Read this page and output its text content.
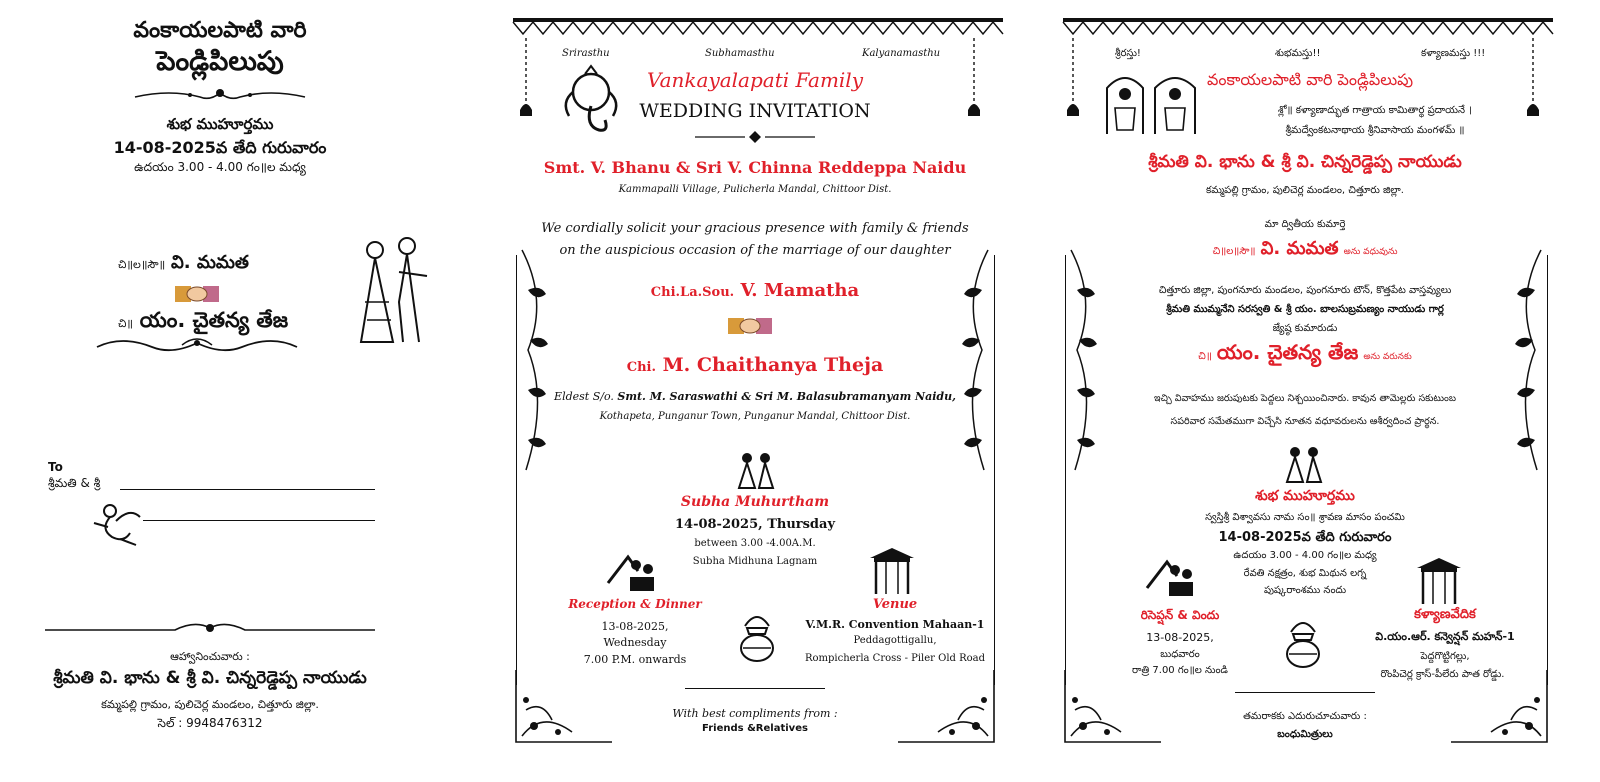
వంకాయలపాటి వారి
పెండ్లిపిలుపు
శుభ ముహూర్తము
14-08-2025వ తేది గురువారం
ఉదయం 3.00 - 4.00 గం॥ల మధ్య
చి॥ల॥సౌ॥ వి. మమత
చి॥ యం. చైతన్య తేజ
To
శ్రీమతి & శ్రీ
ఆహ్వానించువారు :
శ్రీమతి వి. భాను & శ్రీ వి. చిన్నరెడ్డెప్ప నాయుడు
కమ్మపల్లి గ్రామం, పులిచెర్ల మండలం, చిత్తూరు జిల్లా.
సెల్ : 9948476312
Srirasthu	Subhamasthu	Kalyanamasthu
Vankayalapati Family
WEDDING INVITATION
Smt. V. Bhanu & Sri V. Chinna Reddeppa Naidu
Kammapalli Village, Pulicherla Mandal, Chittoor Dist.
We cordially solicit your gracious presence with family & friends
on the auspicious occasion of the marriage of our daughter
Chi.La.Sou. V. Mamatha
Chi. M. Chaithanya Theja
Eldest S/o. Smt. M. Saraswathi & Sri M. Balasubramanyam Naidu,
Kothapeta, Punganur Town, Punganur Mandal, Chittoor Dist.
Subha Muhurtham
14-08-2025, Thursday
between 3.00 -4.00A.M.
Subha Midhuna Lagnam
Reception & Dinner
13-08-2025,
Wednesday
7.00 P.M. onwards
Venue
V.M.R. Convention Mahaan-1
Peddagottigallu,
Rompicherla Cross - Piler Old Road
With best compliments from :
Friends &Relatives
శ్రీరస్తు!	శుభమస్తు!!	కళ్యాణమస్తు !!!
వంకాయలపాటి వారి పెండ్లిపిలుపు
శ్లో॥ కళ్యాణాద్భుత గాత్రాయ కామితార్థ ప్రదాయనే ।
శ్రీమద్వేంకటనాథాయ శ్రీనివాసాయ మంగళమ్ ॥
శ్రీమతి వి. భాను & శ్రీ వి. చిన్నరెడ్డెప్ప నాయుడు
కమ్మపల్లి గ్రామం, పులిచెర్ల మండలం, చిత్తూరు జిల్లా.
మా ద్వితీయ కుమార్తె
చి॥ల॥సౌ॥ వి. మమత అను వధువును
చిత్తూరు జిల్లా, పుంగనూరు మండలం, పుంగనూరు టౌన్, కొత్తపేట వాస్తవ్యులు
శ్రీమతి ముమ్మనేని సరస్వతి & శ్రీ యం. బాలసుబ్రమణ్యం నాయుడు గార్ల
జ్యేష్ఠ కుమారుడు
చి॥ యం. చైతన్య తేజ అను వరునకు
ఇచ్చి వివాహము జరుపుటకు పెద్దలు నిశ్చయించినారు. కావున తామెల్లరు సకుటుంబ
సపరివార సమేతముగా విచ్చేసి నూతన వధూవరులను ఆశీర్వదించ ప్రార్థన.
శుభ ముహూర్తము
స్వస్తిశ్రీ విశ్వావసు నామ సం॥ శ్రావణ మాసం పంచమి
14-08-2025వ తేది గురువారం
ఉదయం 3.00 - 4.00 గం॥ల మధ్య
రేవతి నక్షత్రం, శుభ మిథున లగ్న
పుష్కరాంశము నందు
రిసెప్షన్ & విందు
13-08-2025,
బుధవారం
రాత్రి 7.00 గం॥ల నుండి
కళ్యాణవేదిక
వి.యం.ఆర్. కన్వెన్షన్ మహన్-1
పెద్దగొట్టిగల్లు,
రొంపిచెర్ల క్రాస్-పీలేరు పాత రోడ్డు.
తమరాకకు ఎదురుచూచువారు :
బంధుమిత్రులు
